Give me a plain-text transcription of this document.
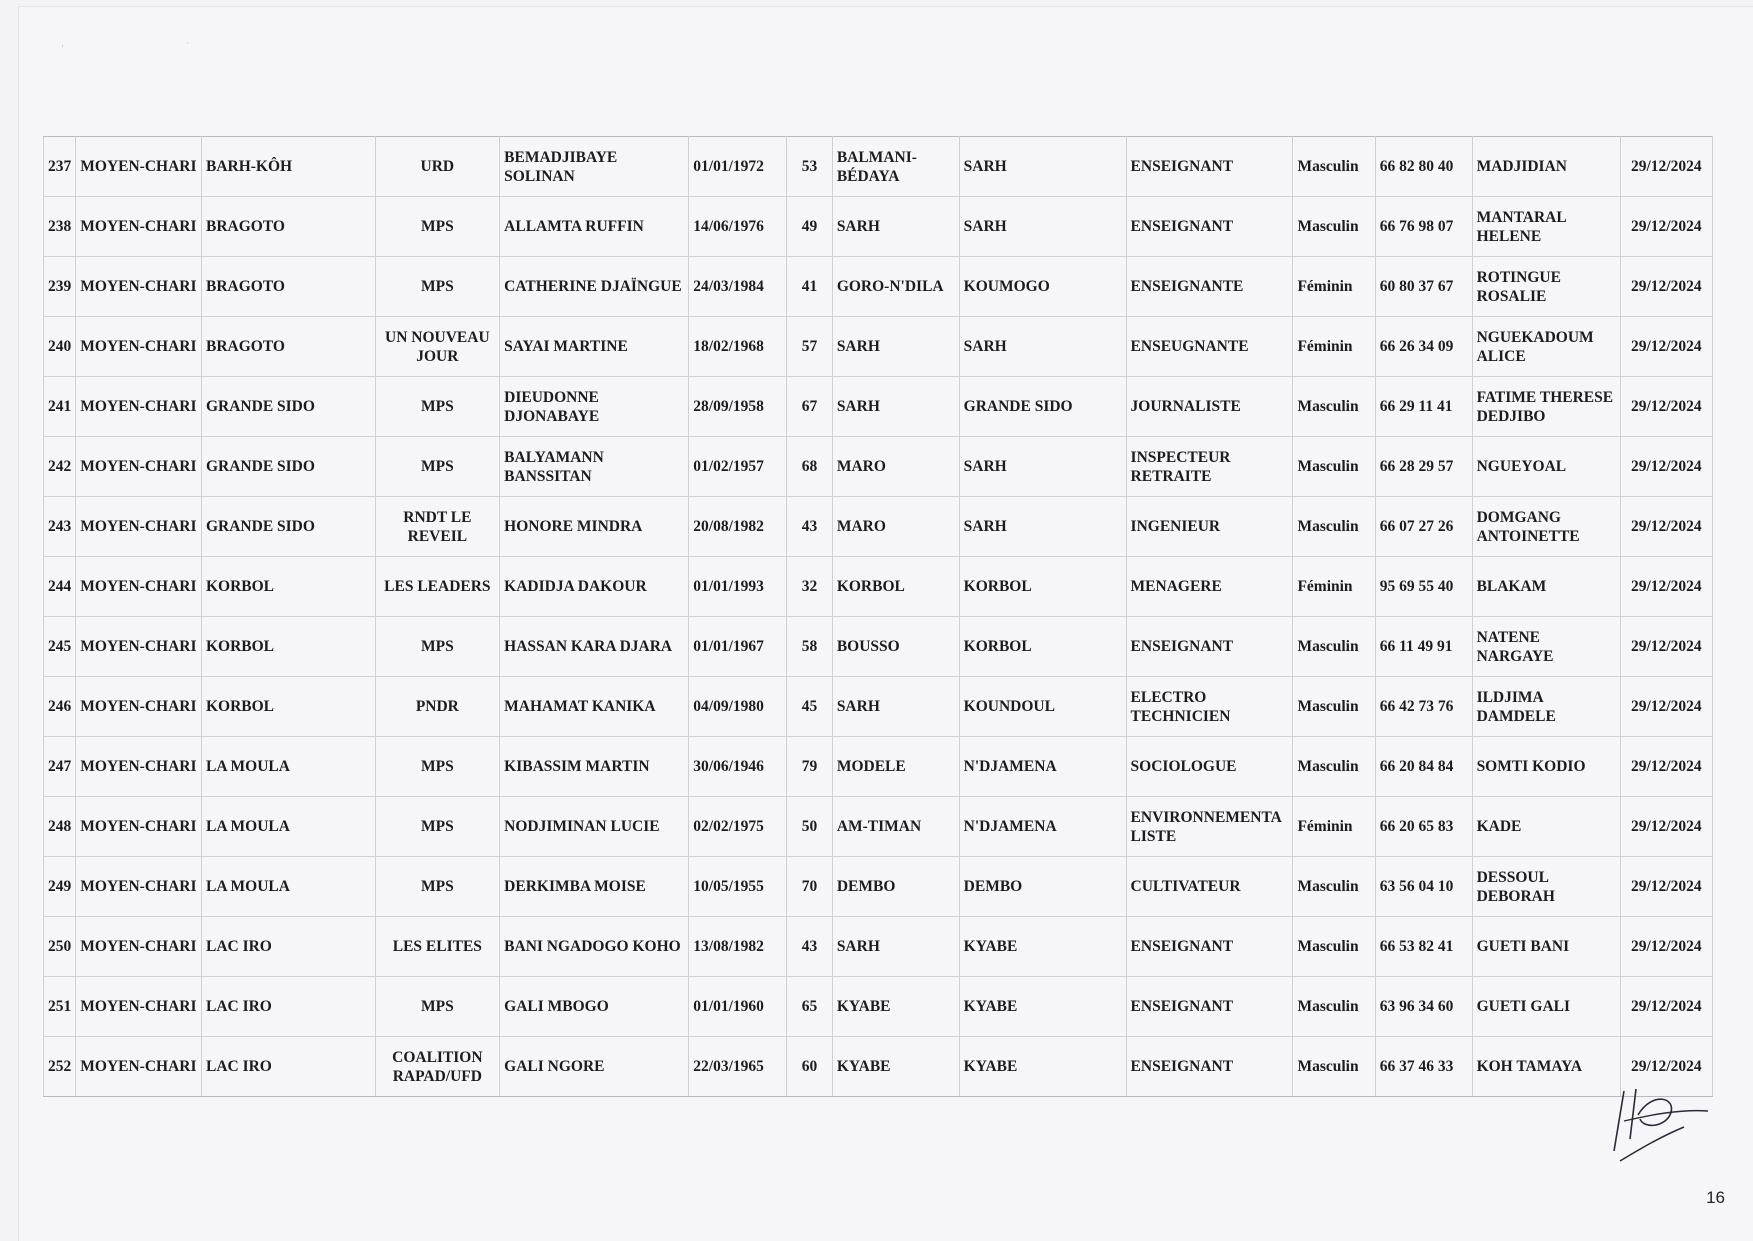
· ˙
237	MOYEN-CHARI	BARH-KÔH	URD	BEMADJIBAYE SOLINAN	01/01/1972	53	BALMANI-BÉDAYA	SARH	ENSEIGNANT	Masculin	66 82 80 40	MADJIDIAN	29/12/2024
238	MOYEN-CHARI	BRAGOTO	MPS	ALLAMTA RUFFIN	14/06/1976	49	SARH	SARH	ENSEIGNANT	Masculin	66 76 98 07	MANTARAL HELENE	29/12/2024
239	MOYEN-CHARI	BRAGOTO	MPS	CATHERINE DJAÏNGUE	24/03/1984	41	GORO-N'DILA	KOUMOGO	ENSEIGNANTE	Féminin	60 80 37 67	ROTINGUE ROSALIE	29/12/2024
240	MOYEN-CHARI	BRAGOTO	UN NOUVEAU JOUR	SAYAI MARTINE	18/02/1968	57	SARH	SARH	ENSEUGNANTE	Féminin	66 26 34 09	NGUEKADOUM ALICE	29/12/2024
241	MOYEN-CHARI	GRANDE SIDO	MPS	DIEUDONNE DJONABAYE	28/09/1958	67	SARH	GRANDE SIDO	JOURNALISTE	Masculin	66 29 11 41	FATIME THERESE DEDJIBO	29/12/2024
242	MOYEN-CHARI	GRANDE SIDO	MPS	BALYAMANN BANSSITAN	01/02/1957	68	MARO	SARH	INSPECTEUR RETRAITE	Masculin	66 28 29 57	NGUEYOAL	29/12/2024
243	MOYEN-CHARI	GRANDE SIDO	RNDT LE REVEIL	HONORE MINDRA	20/08/1982	43	MARO	SARH	INGENIEUR	Masculin	66 07 27 26	DOMGANG ANTOINETTE	29/12/2024
244	MOYEN-CHARI	KORBOL	LES LEADERS	KADIDJA DAKOUR	01/01/1993	32	KORBOL	KORBOL	MENAGERE	Féminin	95 69 55 40	BLAKAM	29/12/2024
245	MOYEN-CHARI	KORBOL	MPS	HASSAN KARA DJARA	01/01/1967	58	BOUSSO	KORBOL	ENSEIGNANT	Masculin	66 11 49 91	NATENE NARGAYE	29/12/2024
246	MOYEN-CHARI	KORBOL	PNDR	MAHAMAT KANIKA	04/09/1980	45	SARH	KOUNDOUL	ELECTRO TECHNICIEN	Masculin	66 42 73 76	ILDJIMA DAMDELE	29/12/2024
247	MOYEN-CHARI	LA MOULA	MPS	KIBASSIM MARTIN	30/06/1946	79	MODELE	N'DJAMENA	SOCIOLOGUE	Masculin	66 20 84 84	SOMTI KODIO	29/12/2024
248	MOYEN-CHARI	LA MOULA	MPS	NODJIMINAN LUCIE	02/02/1975	50	AM-TIMAN	N'DJAMENA	ENVIRONNEMENTA LISTE	Féminin	66 20 65 83	KADE	29/12/2024
249	MOYEN-CHARI	LA MOULA	MPS	DERKIMBA MOISE	10/05/1955	70	DEMBO	DEMBO	CULTIVATEUR	Masculin	63 56 04 10	DESSOUL DEBORAH	29/12/2024
250	MOYEN-CHARI	LAC IRO	LES ELITES	BANI NGADOGO KOHO	13/08/1982	43	SARH	KYABE	ENSEIGNANT	Masculin	66 53 82 41	GUETI BANI	29/12/2024
251	MOYEN-CHARI	LAC IRO	MPS	GALI MBOGO	01/01/1960	65	KYABE	KYABE	ENSEIGNANT	Masculin	63 96 34 60	GUETI GALI	29/12/2024
252	MOYEN-CHARI	LAC IRO	COALITION RAPAD/UFD	GALI NGORE	22/03/1965	60	KYABE	KYABE	ENSEIGNANT	Masculin	66 37 46 33	KOH TAMAYA	29/12/2024
16
